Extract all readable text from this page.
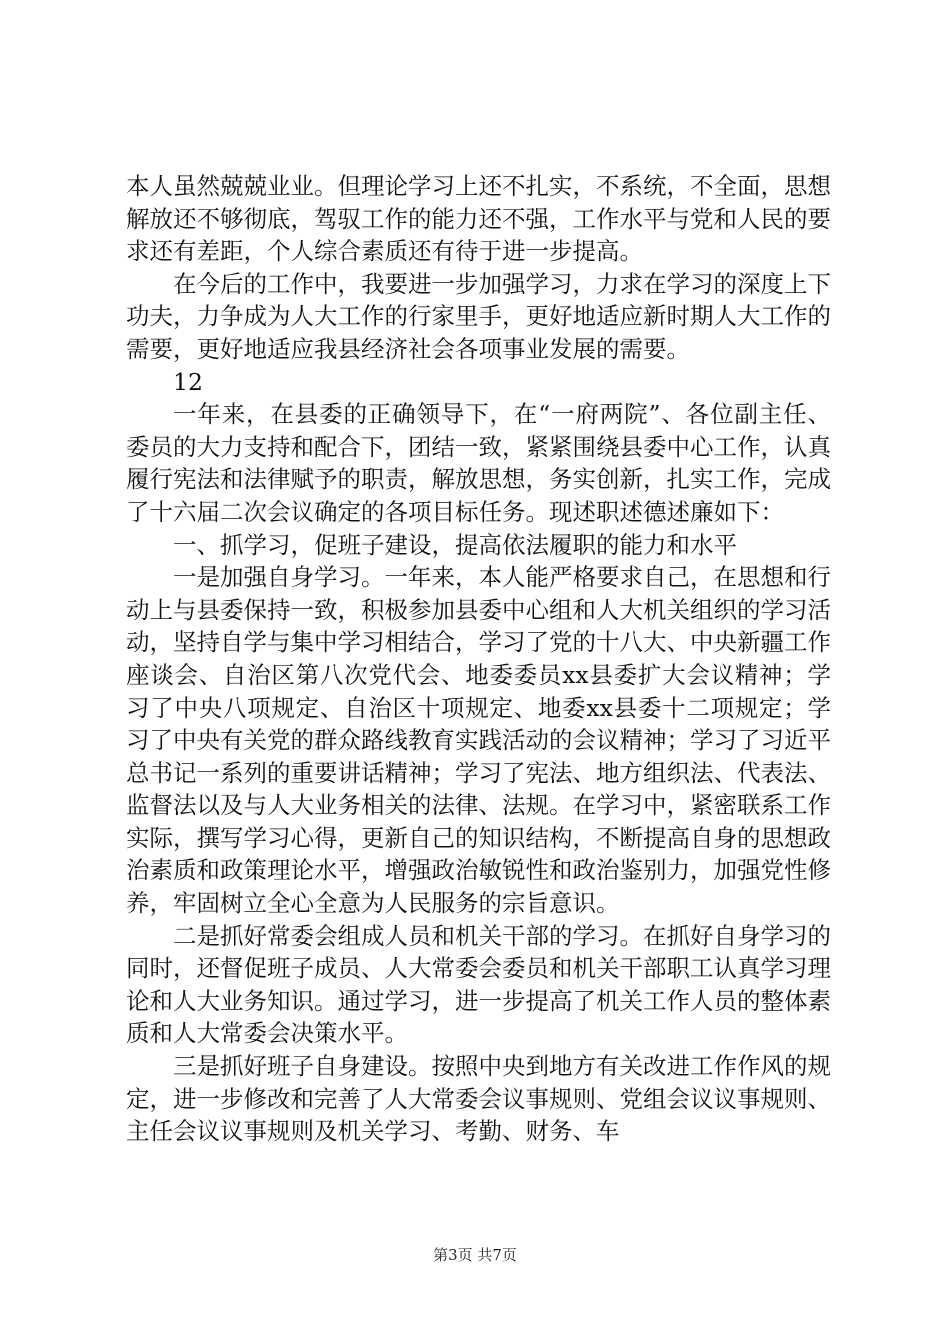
本人虽然兢兢业业。但理论学习上还不扎实，不系统，不全面，思想解放还不够彻底，驾驭工作的能力还不强，工作水平与党和人民的要求还有差距，个人综合素质还有待于进一步提高。

在今后的工作中，我要进一步加强学习，力求在学习的深度上下功夫，力争成为人大工作的行家里手，更好地适应新时期人大工作的需要，更好地适应我县经济社会各项事业发展的需要。

12

一年来，在县委的正确领导下，在“一府两院”、各位副主任、委员的大力支持和配合下，团结一致，紧紧围绕县委中心工作，认真履行宪法和法律赋予的职责，解放思想，务实创新，扎实工作，完成了十六届二次会议确定的各项目标任务。现述职述德述廉如下：

一、抓学习，促班子建设，提高依法履职的能力和水平

一是加强自身学习。一年来，本人能严格要求自己，在思想和行动上与县委保持一致，积极参加县委中心组和人大机关组织的学习活动，坚持自学与集中学习相结合，学习了党的十八大、中央新疆工作座谈会、自治区第八次党代会、地委委员xx县委扩大会议精神；学习了中央八项规定、自治区十项规定、地委xx县委十二项规定；学习了中央有关党的群众路线教育实践活动的会议精神；学习了习近平总书记一系列的重要讲话精神；学习了宪法、地方组织法、代表法、监督法以及与人大业务相关的法律、法规。在学习中，紧密联系工作实际，撰写学习心得，更新自己的知识结构，不断提高自身的思想政治素质和政策理论水平，增强政治敏锐性和政治鉴别力，加强党性修养，牢固树立全心全意为人民服务的宗旨意识。

二是抓好常委会组成人员和机关干部的学习。在抓好自身学习的同时，还督促班子成员、人大常委会委员和机关干部职工认真学习理论和人大业务知识。通过学习，进一步提高了机关工作人员的整体素质和人大常委会决策水平。

三是抓好班子自身建设。按照中央到地方有关改进工作作风的规定，进一步修改和完善了人大常委会议事规则、党组会议议事规则、主任会议议事规则及机关学习、考勤、财务、车

第3页 共7页
